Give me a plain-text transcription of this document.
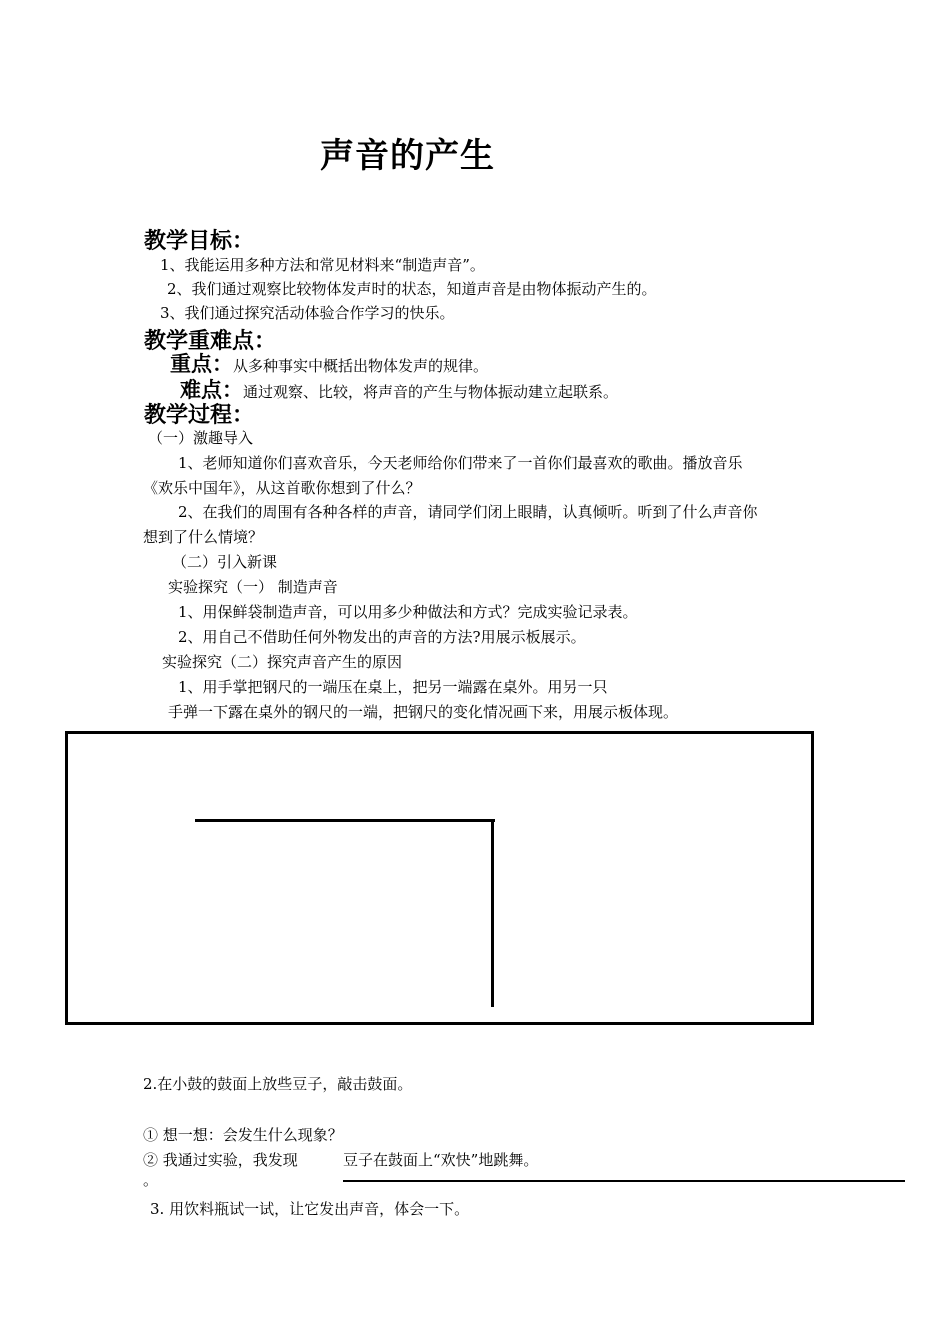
声音的产生
教学目标：
1、我能运用多种方法和常见材料来“制造声音”。
2、我们通过观察比较物体发声时的状态，知道声音是由物体振动产生的。
3、我们通过探究活动体验合作学习的快乐。
教学重难点：
重点：从多种事实中概括出物体发声的规律。
难点：通过观察、比较，将声音的产生与物体振动建立起联系。
教学过程：
（一）激趣导入
1、老师知道你们喜欢音乐，今天老师给你们带来了一首你们最喜欢的歌曲。播放音乐
《欢乐中国年》，从这首歌你想到了什么？
2、在我们的周围有各种各样的声音，请同学们闭上眼睛，认真倾听。听到了什么声音你
想到了什么情境？
（二）引入新课
实验探究（一） 制造声音
1、用保鲜袋制造声音，可以用多少种做法和方式？完成实验记录表。
2、用自己不借助任何外物发出的声音的方法?用展示板展示。
实验探究（二）探究声音产生的原因
1、用手掌把钢尺的一端压在桌上，把另一端露在桌外。用另一只
手弹一下露在桌外的钢尺的一端，把钢尺的变化情况画下来，用展示板体现。
2.在小鼓的鼓面上放些豆子，敲击鼓面。
① 想一想：会发生什么现象？
② 我通过实验，我发现	豆子在鼓面上“欢快”地跳舞。
。
3. 用饮料瓶试一试，让它发出声音，体会一下。
